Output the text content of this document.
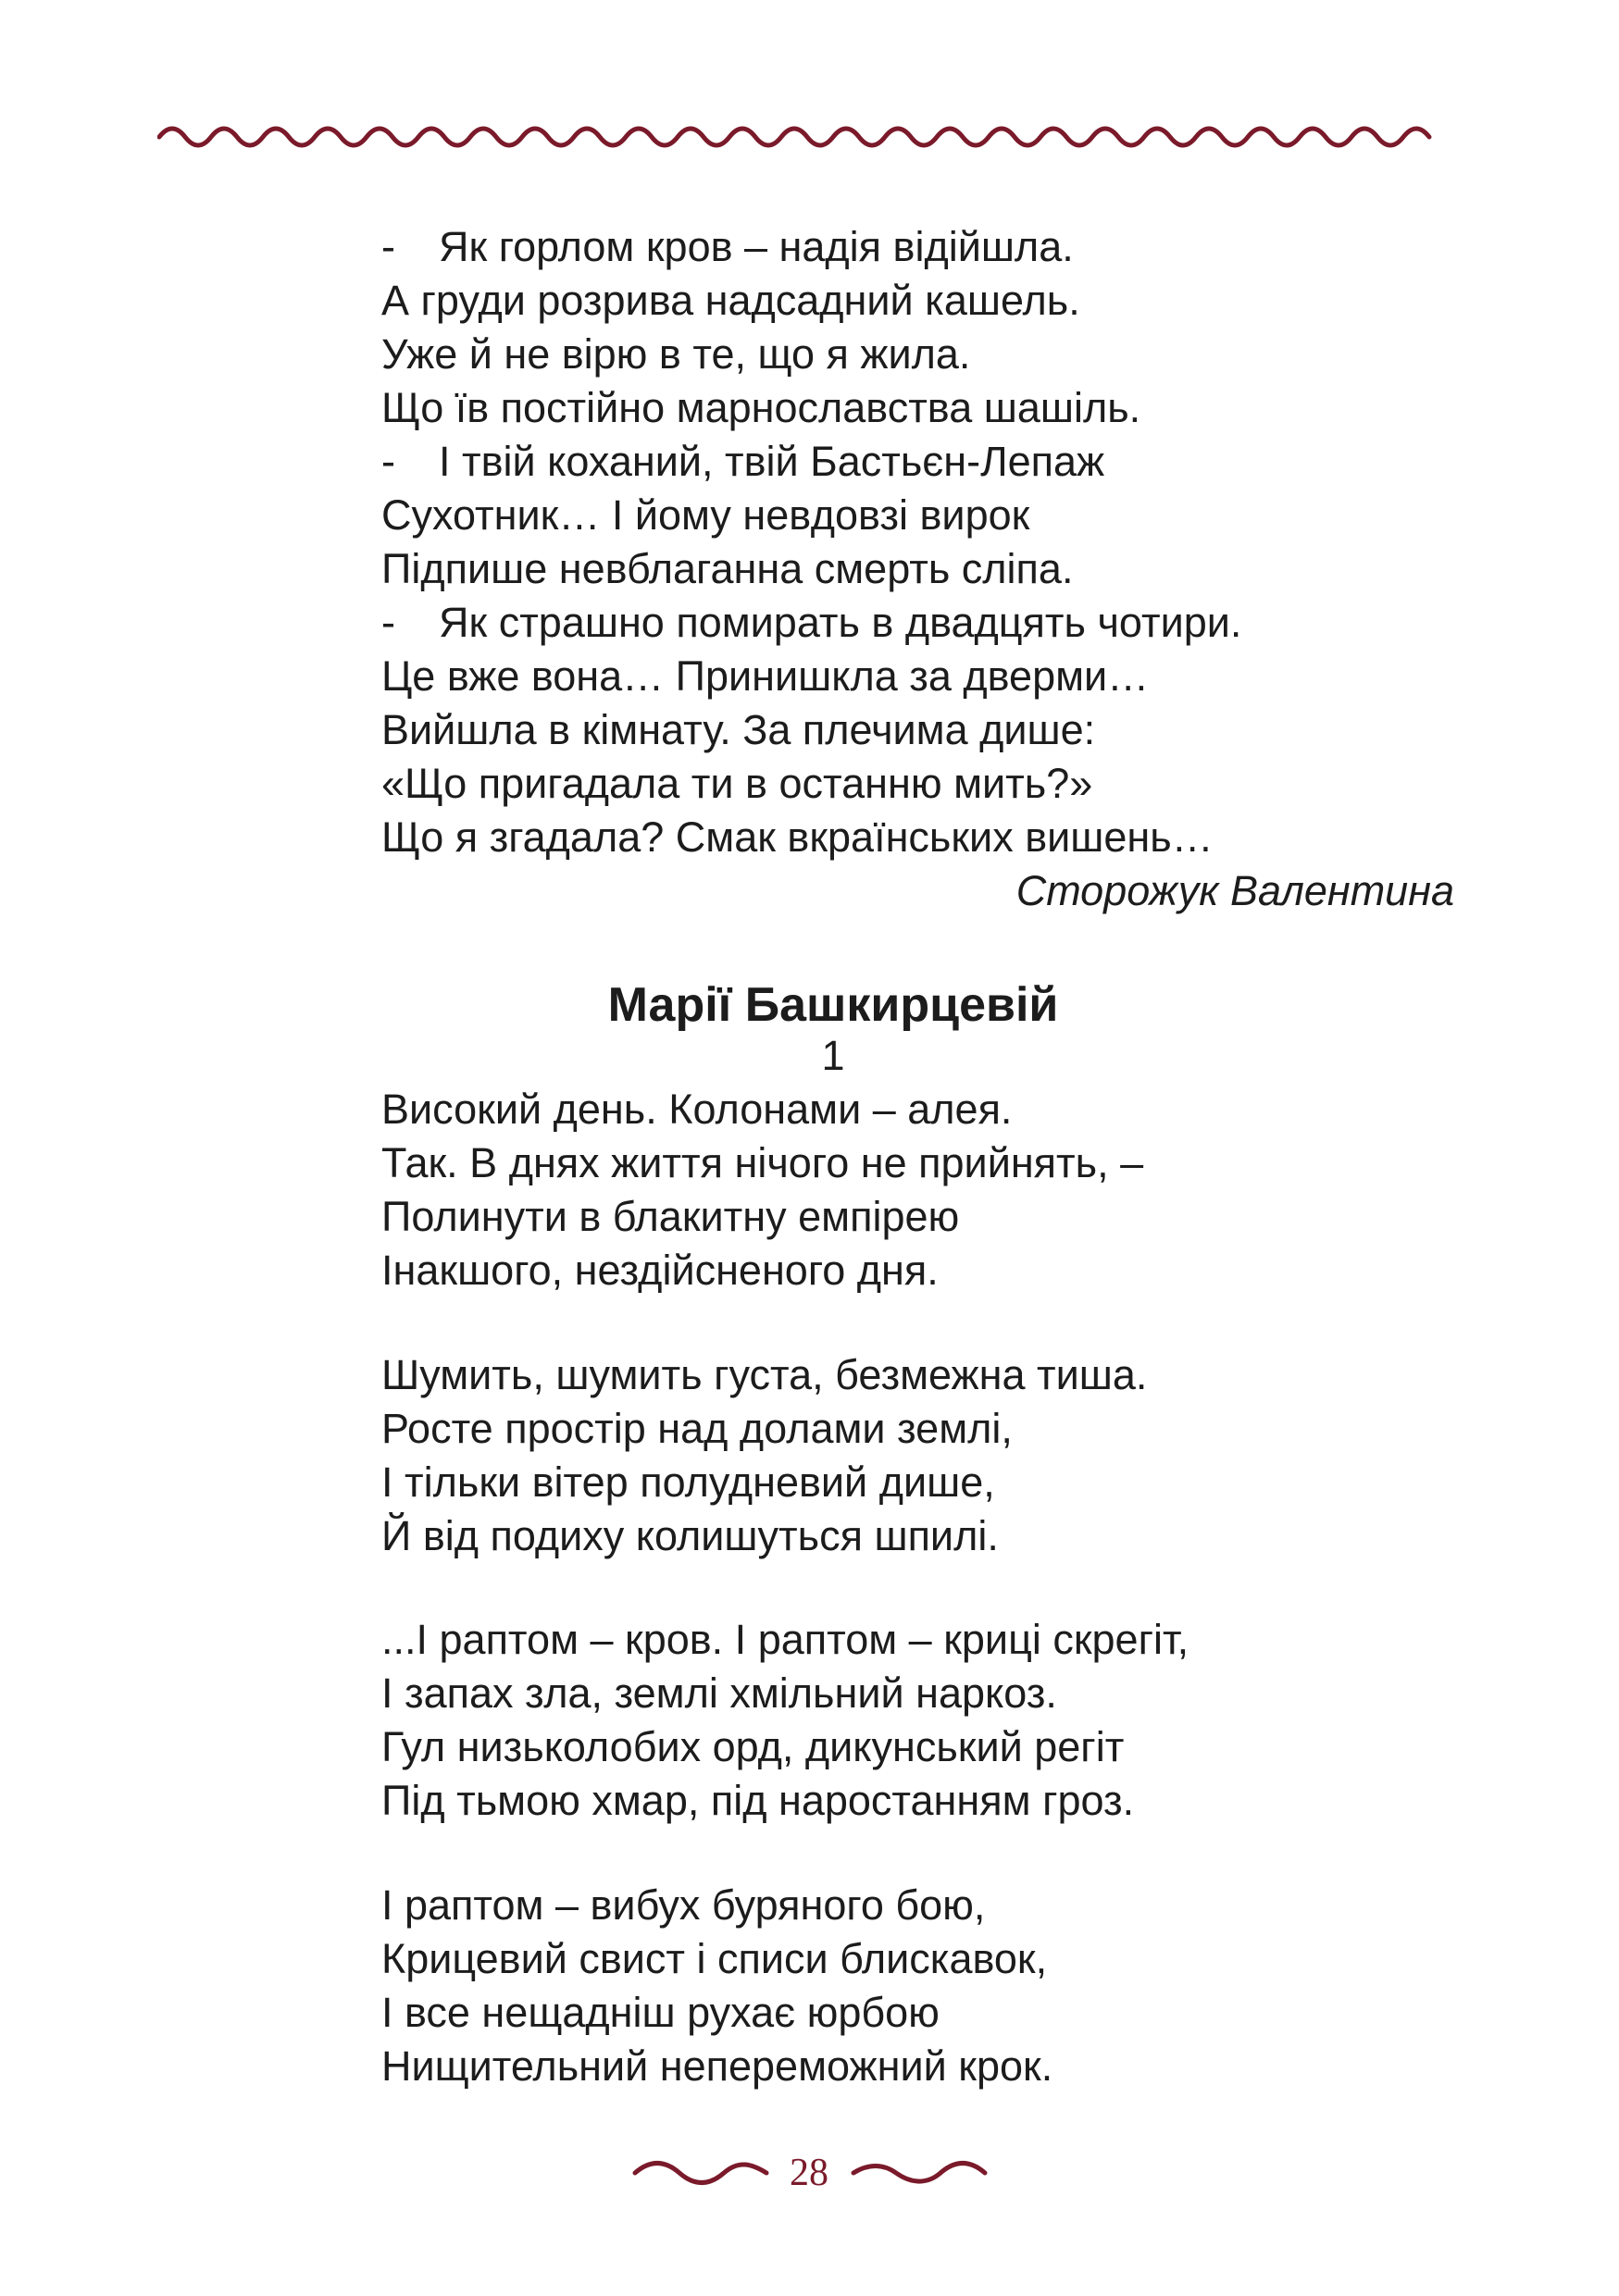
- Як горлом кров – надія відійшла.
А груди розрива надсадний кашель.
Уже й не вірю в те, що я жила.
Що їв постійно марнославства шашіль.
- І твій коханий, твій Бастьєн-Лепаж
Сухотник… І йому невдовзі вирок
Підпише невблаганна смерть сліпа.
- Як страшно помирать в двадцять чотири.
Це вже вона… Принишкла за дверми…
Вийшла в кімнату. За плечима дише:
«Що пригадала ти в останню мить?»
Що я згадала? Смак вкраїнських вишень…
Сторожук Валентина
Марії Башкирцевій
1
Високий день. Колонами – алея.
Так. В днях життя нічого не прийнять, –
Полинути в блакитну емпірею
Інакшого, нездійсненого дня.
Шумить, шумить густа, безмежна тиша.
Росте простір над долами землі,
І тільки вітер полудневий дише,
Й від подиху колишуться шпилі.
...І раптом – кров. І раптом – криці скрегіт,
І запах зла, землі хмільний наркоз.
Гул низьколобих орд, дикунський регіт
Під тьмою хмар, під наростанням гроз.
І раптом – вибух буряного бою,
Крицевий свист і списи блискавок,
І все нещадніш рухає юрбою
Нищительний непереможний крок.
28
